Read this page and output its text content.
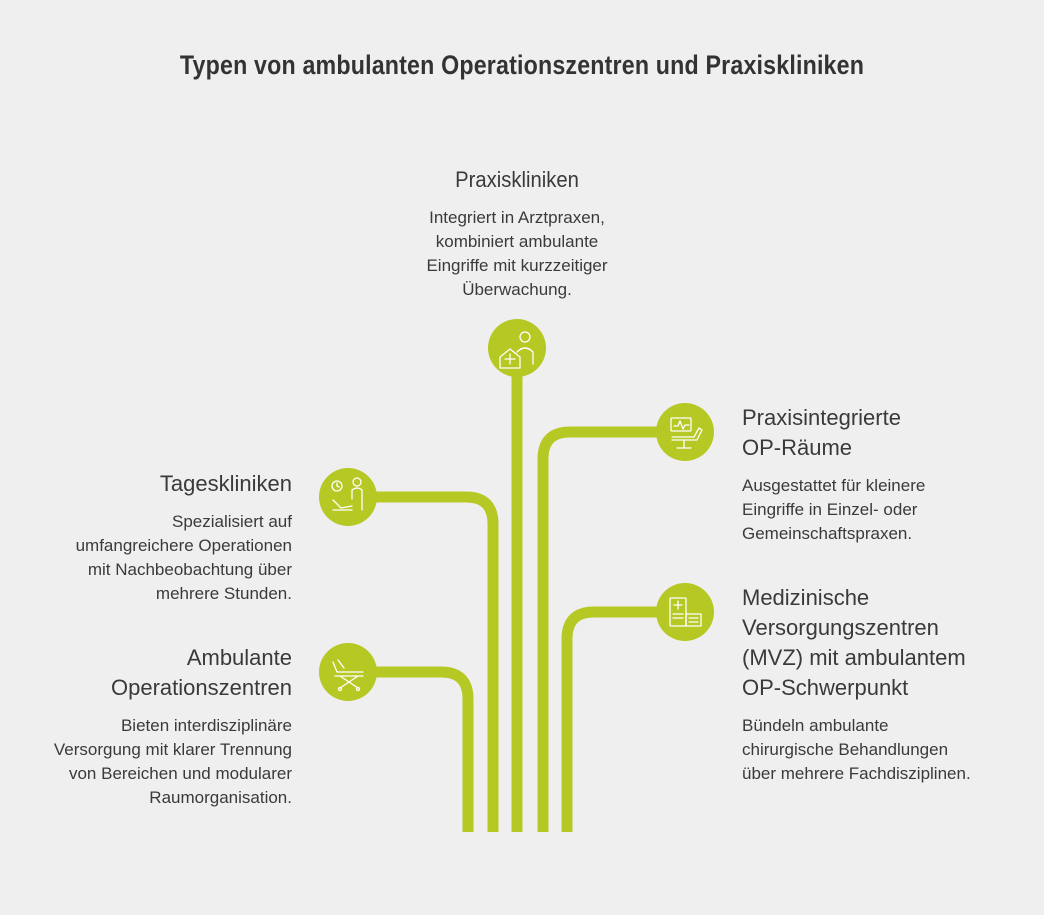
Typen von ambulanten Operationszentren und Praxiskliniken
Praxiskliniken
Integriert in Arztpraxen, kombiniert ambulante Eingriffe mit kurzzeitiger Überwachung.
Praxisintegrierte OP-Räume
Ausgestattet für kleinere Eingriffe in Einzel- oder Gemeinschaftspraxen.
Medizinische Versorgungszentren (MVZ) mit ambulantem OP-Schwerpunkt
Bündeln ambulante chirurgische Behandlungen über mehrere Fachdisziplinen.
Tageskliniken
Spezialisiert auf umfangreichere Operationen mit Nachbeobachtung über mehrere Stunden.
Ambulante Operationszentren
Bieten interdisziplinäre Versorgung mit klarer Trennung von Bereichen und modularer Raumorganisation.
